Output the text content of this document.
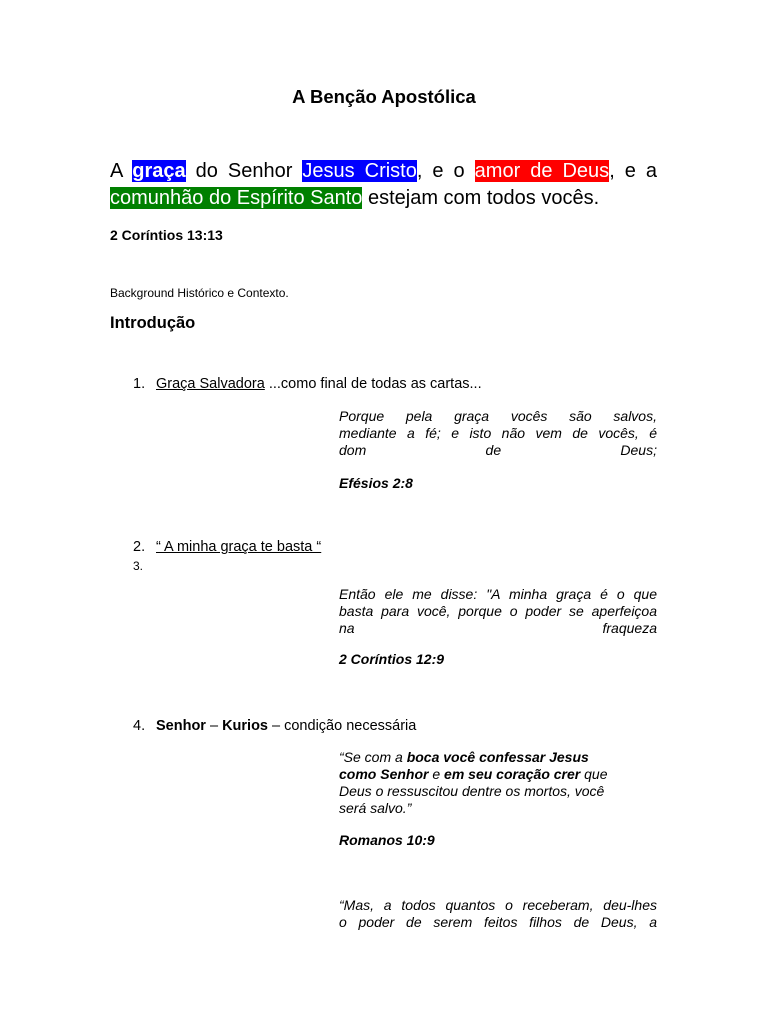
A Benção Apostólica
A graça do Senhor Jesus Cristo, e o amor de Deus, e a
comunhão do Espírito Santo estejam com todos vocês.
2 Coríntios 13:13
Background Histórico e Contexto.
Introdução
1. Graça Salvadora ...como final de todas as cartas...
Porque pela graça vocês são salvos,
mediante a fé; e isto não vem de vocês, é
dom de Deus;
Efésios 2:8
2. “ A minha graça te basta “
3.
Então ele me disse: "A minha graça é o que
basta para você, porque o poder se aperfeiçoa
na fraqueza
2 Coríntios 12:9
4. Senhor – Kurios – condição necessária
“Se com a boca você confessar Jesus
como Senhor e em seu coração crer que
Deus o ressuscitou dentre os mortos, você
será salvo.”
Romanos 10:9
“Mas, a todos quantos o receberam, deu-lhes
o poder de serem feitos filhos de Deus, a
